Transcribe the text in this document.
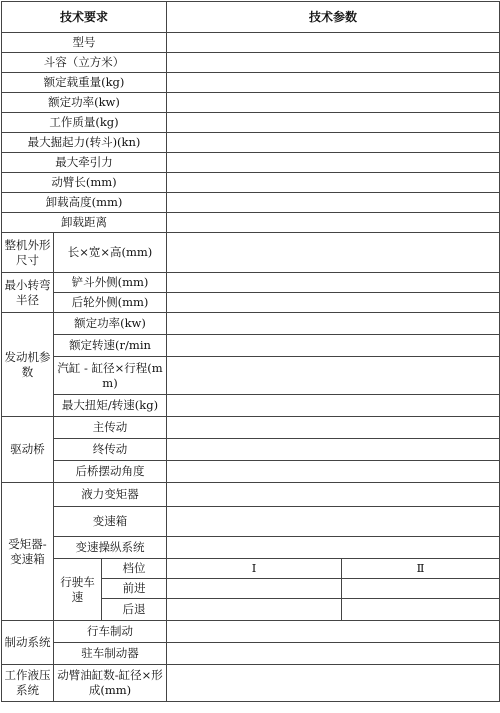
技术要求			技术参数	
型号				
斗容（立方米）				
额定载重量(kg)				
额定功率(kw)				
工作质量(kg)				
最大掘起力(转斗)(kn)				
最大牵引力				
动臂长(mm)				
卸载高度(mm)				
卸载距离				
整机外形尺寸	长×宽×高(mm)			
最小转弯半径	铲斗外侧(mm)			
	后轮外侧(mm)			
发动机参数	额定功率(kw)			
	额定转速(r/min			
	汽缸 - 缸径×行程(mm)			
	最大扭矩/转速(kg)			
驱动桥	主传动			
	终传动			
	后桥摆动角度			
受矩器-变速箱	液力变矩器			
	变速箱			
	变速操纵系统			
	行驶车速	档位	Ⅰ	Ⅱ
		前进		
		后退		
制动系统	行车制动			
	驻车制动器			
工作液压系统	动臂油缸数-缸径×形成(mm)			
